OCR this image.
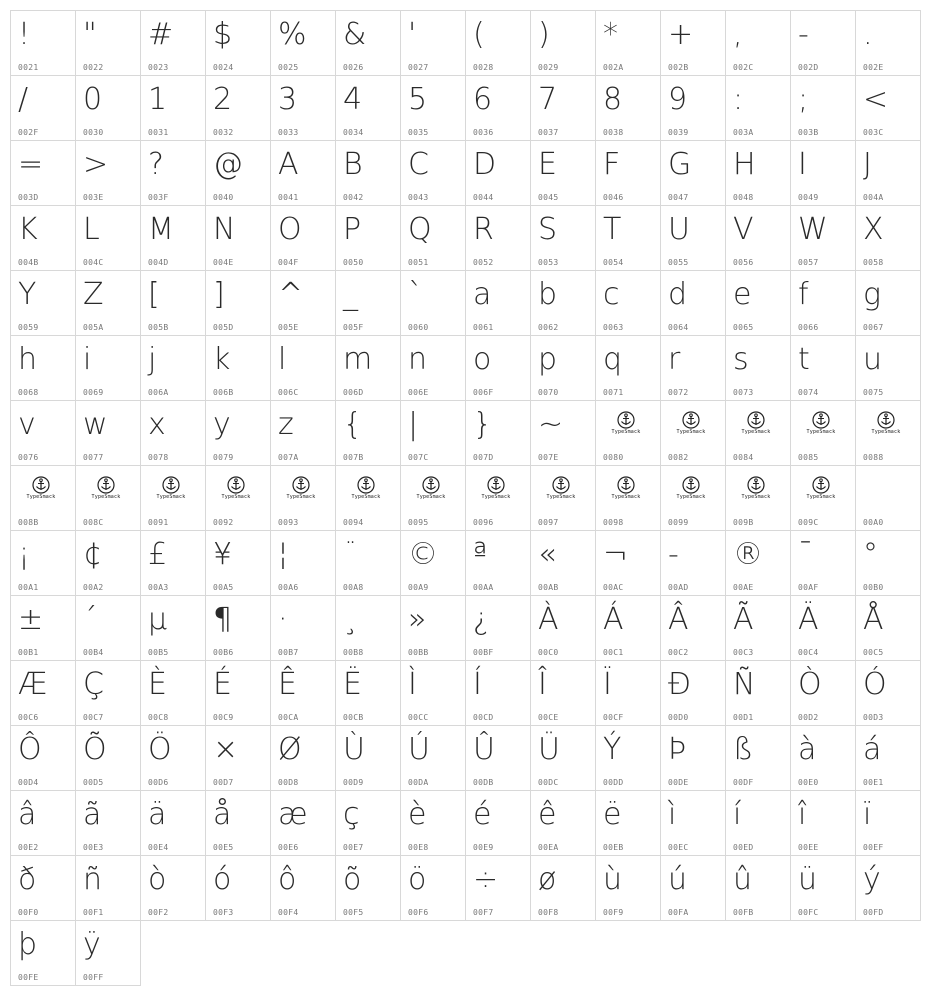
!
0021
"
0022
#
0023
$
0024
%
0025
&
0026
'
0027
(
0028
)
0029
*
002A
+
002B
,
002C
-
002D
.
002E
/
002F
0
0030
1
0031
2
0032
3
0033
4
0034
5
0035
6
0036
7
0037
8
0038
9
0039
:
003A
;
003B
<
003C
=
003D
>
003E
?
003F
@
0040
A
0041
B
0042
C
0043
D
0044
E
0045
F
0046
G
0047
H
0048
I
0049
J
004A
K
004B
L
004C
M
004D
N
004E
O
004F
P
0050
Q
0051
R
0052
S
0053
T
0054
U
0055
V
0056
W
0057
X
0058
Y
0059
Z
005A
[
005B
]
005D
^
005E
_
005F
`
0060
a
0061
b
0062
c
0063
d
0064
e
0065
f
0066
g
0067
h
0068
i
0069
j
006A
k
006B
l
006C
m
006D
n
006E
o
006F
p
0070
q
0071
r
0072
s
0073
t
0074
u
0075
v
0076
w
0077
x
0078
y
0079
z
007A
{
007B
|
007C
}
007D
~
007E
TypeSmack
0080
TypeSmack
0082
TypeSmack
0084
TypeSmack
0085
TypeSmack
0088
TypeSmack
008B
TypeSmack
008C
TypeSmack
0091
TypeSmack
0092
TypeSmack
0093
TypeSmack
0094
TypeSmack
0095
TypeSmack
0096
TypeSmack
0097
TypeSmack
0098
TypeSmack
0099
TypeSmack
009B
TypeSmack
009C	00A0
¡
00A1
¢
00A2
£
00A3
¥
00A5
¦
00A6
¨
00A8
©
00A9
ª
00AA
«
00AB
¬
00AC
-
00AD
®
00AE
¯
00AF
°
00B0
±
00B1
´
00B4
µ
00B5
¶
00B6
·
00B7
¸
00B8
»
00BB
¿
00BF
À
00C0
Á
00C1
Â
00C2
Ã
00C3
Ä
00C4
Å
00C5
Æ
00C6
Ç
00C7
È
00C8
É
00C9
Ê
00CA
Ë
00CB
Ì
00CC
Í
00CD
Î
00CE
Ï
00CF
Ð
00D0
Ñ
00D1
Ò
00D2
Ó
00D3
Ô
00D4
Õ
00D5
Ö
00D6
×
00D7
Ø
00D8
Ù
00D9
Ú
00DA
Û
00DB
Ü
00DC
Ý
00DD
Þ
00DE
ß
00DF
à
00E0
á
00E1
â
00E2
ã
00E3
ä
00E4
å
00E5
æ
00E6
ç
00E7
è
00E8
é
00E9
ê
00EA
ë
00EB
ì
00EC
í
00ED
î
00EE
ï
00EF
ð
00F0
ñ
00F1
ò
00F2
ó
00F3
ô
00F4
õ
00F5
ö
00F6
÷
00F7
ø
00F8
ù
00F9
ú
00FA
û
00FB
ü
00FC
ý
00FD
þ
00FE
ÿ
00FF
